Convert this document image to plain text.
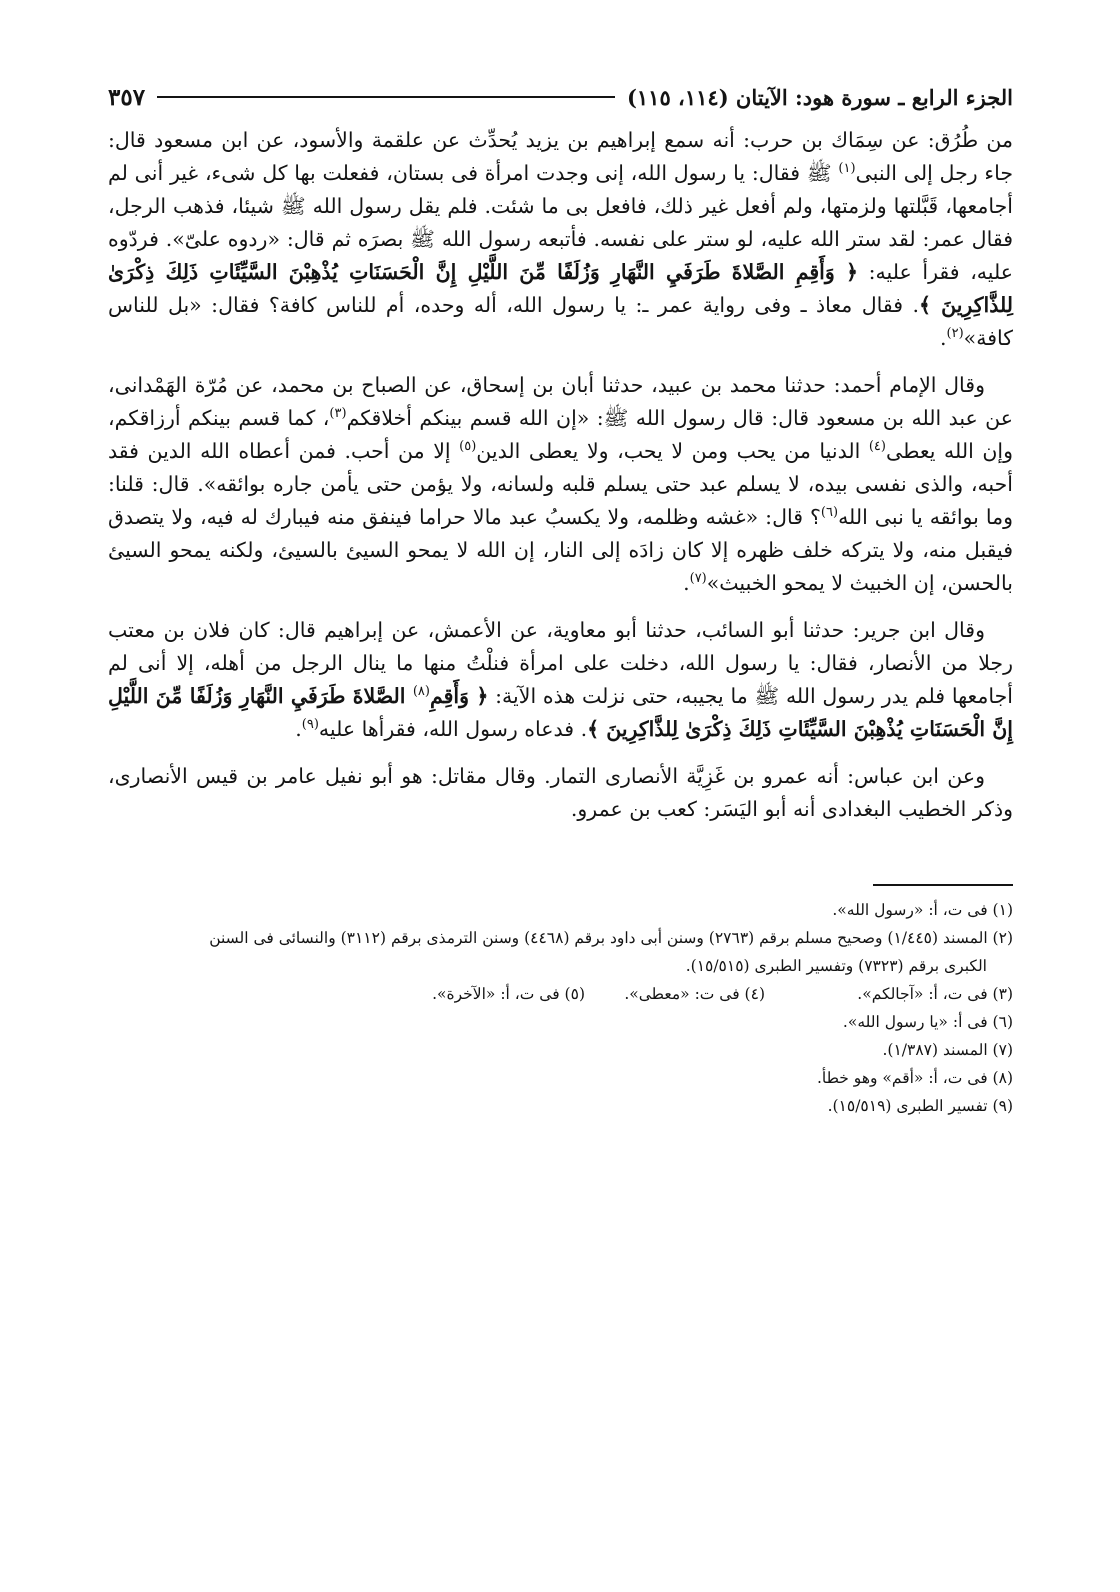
الجزء الرابع ـ سورة هود: الآيتان (١١٤، ١١٥)
٣٥٧

من طُرُق: عن سِمَاك بن حرب: أنه سمع إبراهيم بن يزيد يُحدِّث عن علقمة والأسود، عن ابن مسعود قال: جاء رجل إلى النبى$^{(١)}$ ﷺ فقال: يا رسول الله، إنى وجدت امرأة فى بستان، ففعلت بها كل شىء، غير أنى لم أجامعها، قَبَّلتها ولزمتها، ولم أفعل غير ذلك، فافعل بى ما شئت. فلم يقل رسول الله ﷺ شيئا، فذهب الرجل، فقال عمر: لقد ستر الله عليه، لو ستر على نفسه. فأتبعه رسول الله ﷺ بصرَه ثم قال: «ردوه علىّ». فردّوه عليه، فقرأ عليه: ﴿ وَأَقِمِ الصَّلاةَ طَرَفَيِ النَّهَارِ وَزُلَفًا مِّنَ اللَّيْلِ إِنَّ الْحَسَنَاتِ يُذْهِبْنَ السَّيِّئَاتِ ذَلِكَ ذِكْرَىٰ لِلذَّاكِرِينَ ﴾. فقال معاذ ـ وفى رواية عمر ـ: يا رسول الله، أله وحده، أم للناس كافة؟ فقال: «بل للناس كافة»$^{(٢)}$.

وقال الإمام أحمد: حدثنا محمد بن عبيد، حدثنا أبان بن إسحاق، عن الصباح بن محمد، عن مُرّة الهَمْدانى، عن عبد الله بن مسعود قال: قال رسول الله ﷺ: «إن الله قسم بينكم أخلاقكم$^{(٣)}$، كما قسم بينكم أرزاقكم، وإن الله يعطى$^{(٤)}$ الدنيا من يحب ومن لا يحب، ولا يعطى الدين$^{(٥)}$ إلا من أحب. فمن أعطاه الله الدين فقد أحبه، والذى نفسى بيده، لا يسلم عبد حتى يسلم قلبه ولسانه، ولا يؤمن حتى يأمن جاره بوائقه». قال: قلنا: وما بوائقه يا نبى الله$^{(٦)}$؟ قال: «غشه وظلمه، ولا يكسبُ عبد مالا حراما فينفق منه فيبارك له فيه، ولا يتصدق فيقبل منه، ولا يتركه خلف ظهره إلا كان زادَه إلى النار، إن الله لا يمحو السيئ بالسيئ، ولكنه يمحو السيئ بالحسن، إن الخبيث لا يمحو الخبيث»$^{(٧)}$.

وقال ابن جرير: حدثنا أبو السائب، حدثنا أبو معاوية، عن الأعمش، عن إبراهيم قال: كان فلان بن معتب رجلا من الأنصار، فقال: يا رسول الله، دخلت على امرأة فنلْتُ منها ما ينال الرجل من أهله، إلا أنى لم أجامعها فلم يدر رسول الله ﷺ ما يجيبه، حتى نزلت هذه الآية: ﴿ وَأَقِمِ$^{(٨)}$ الصَّلاةَ طَرَفَيِ النَّهَارِ وَزُلَفًا مِّنَ اللَّيْلِ إِنَّ الْحَسَنَاتِ يُذْهِبْنَ السَّيِّئَاتِ ذَلِكَ ذِكْرَىٰ لِلذَّاكِرِينَ ﴾. فدعاه رسول الله، فقرأها عليه$^{(٩)}$.

وعن ابن عباس: أنه عمرو بن غَزِيَّة الأنصارى التمار. وقال مقاتل: هو أبو نفيل عامر بن قيس الأنصارى، وذكر الخطيب البغدادى أنه أبو اليَسَر: كعب بن عمرو.

(١) فى ت، أ: «رسول الله».

(٢) المسند (١/٤٤٥) وصحيح مسلم برقم (٢٧٦٣) وسنن أبى داود برقم (٤٤٦٨) وسنن الترمذى برقم (٣١١٢) والنسائى فى السنن
الكبرى برقم (٧٣٢٣) وتفسير الطبرى (١٥/٥١٥).

(٣) فى ت، أ: «آجالكم».
(٤) فى ت: «معطى».
(٥) فى ت، أ: «الآخرة».

(٦) فى أ: «يا رسول الله».

(٧) المسند (١/٣٨٧).

(٨) فى ت، أ: «أقم» وهو خطأ.

(٩) تفسير الطبرى (١٥/٥١٩).
